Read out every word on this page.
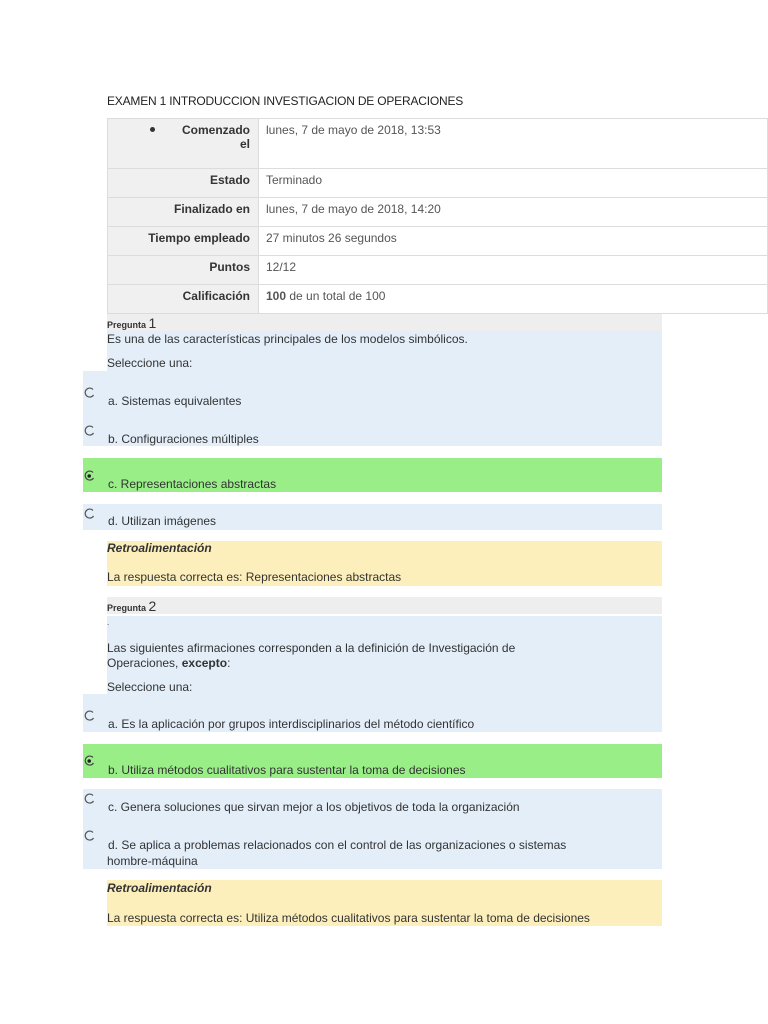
EXAMEN 1 INTRODUCCION INVESTIGACION DE OPERACIONES
Comenzado el	lunes, 7 de mayo de 2018, 13:53
Estado	Terminado
Finalizado en	lunes, 7 de mayo de 2018, 14:20
Tiempo empleado	27 minutos 26 segundos
Puntos	12/12
Calificación	100 de un total de 100
Pregunta 1
Es una de las características principales de los modelos simbólicos.
Seleccione una:
a. Sistemas equivalentes
b. Configuraciones múltiples
c. Representaciones abstractas
d. Utilizan imágenes
Retroalimentación
La respuesta correcta es: Representaciones abstractas
Pregunta 2
.
Las siguientes afirmaciones corresponden a la definición de Investigación de
Operaciones, excepto:
Seleccione una:
a. Es la aplicación por grupos interdisciplinarios del método científico
b. Utiliza métodos cualitativos para sustentar la toma de decisiones
c. Genera soluciones que sirvan mejor a los objetivos de toda la organización
d. Se aplica a problemas relacionados con el control de las organizaciones o sistemas
hombre-máquina
Retroalimentación
La respuesta correcta es: Utiliza métodos cualitativos para sustentar la toma de decisiones
